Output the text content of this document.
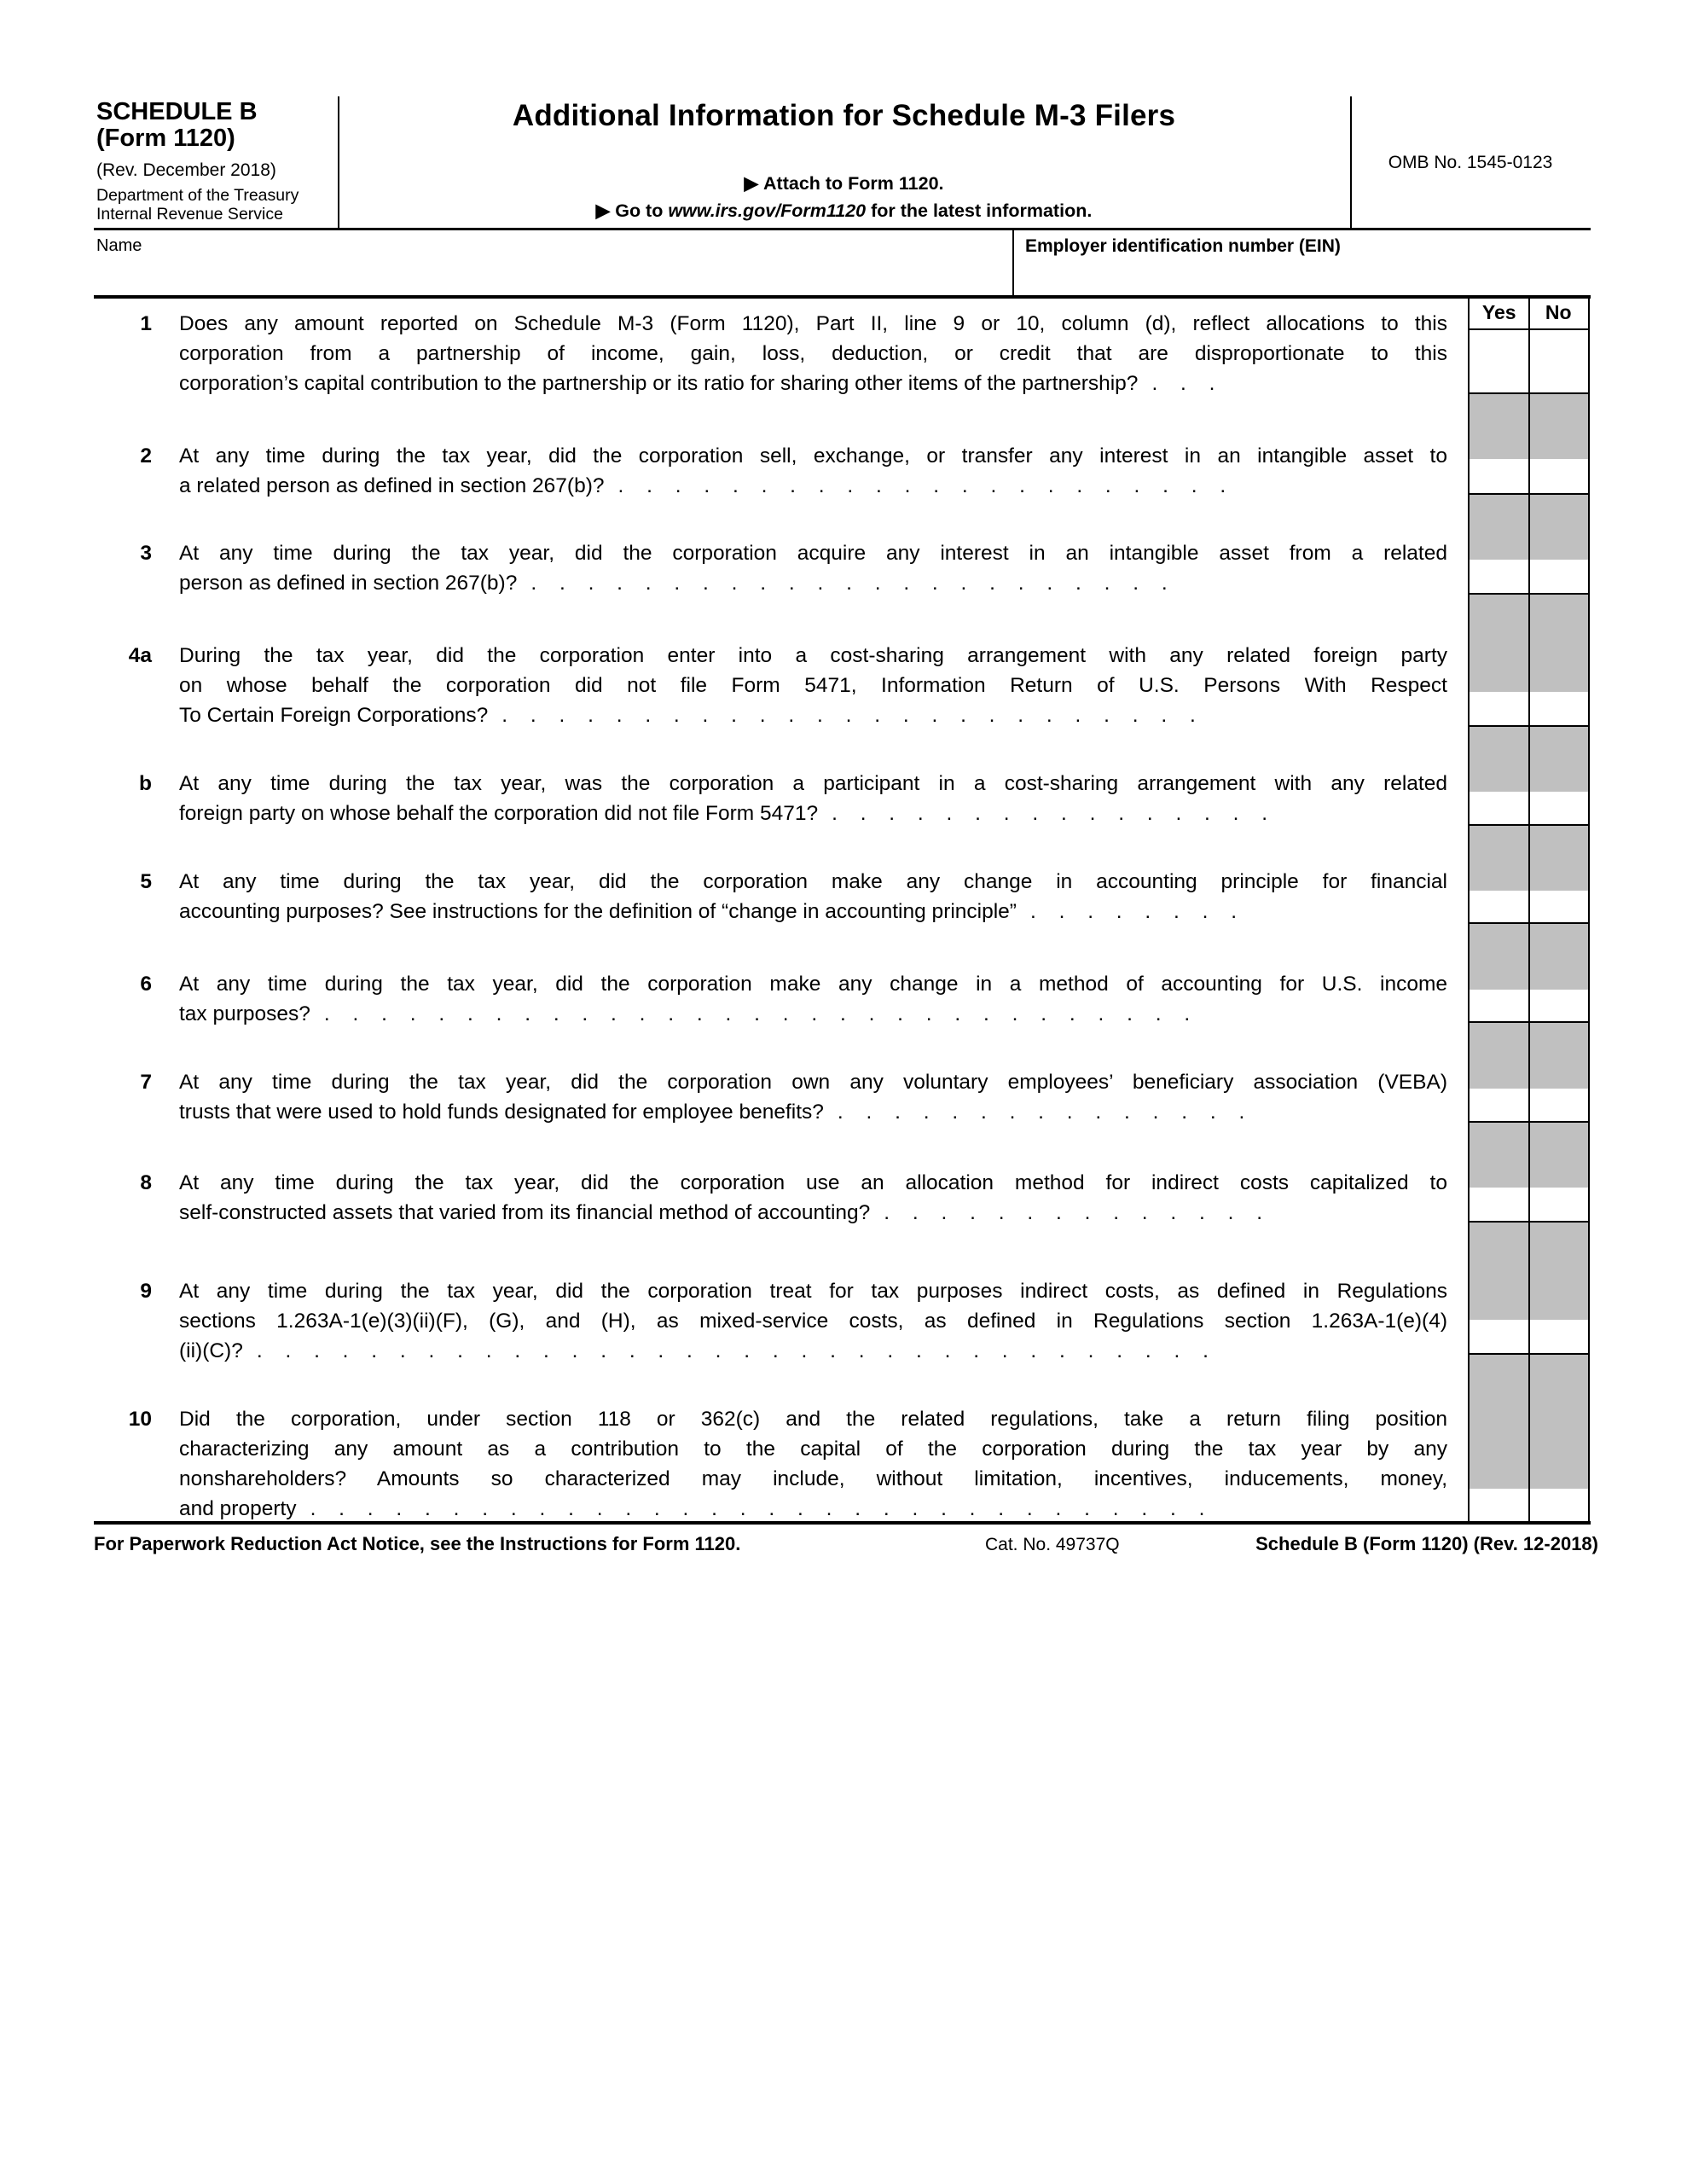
SCHEDULE B
(Form 1120)
(Rev. December 2018)
Department of the Treasury
Internal Revenue Service
Additional Information for Schedule M-3 Filers
▶ Attach to Form 1120.
▶ Go to www.irs.gov/Form1120 for the latest information.
OMB No. 1545-0123
Name	Employer identification number (EIN)
1 Does any amount reported on Schedule M-3 (Form 1120), Part II, line 9 or 10, column (d), reflect allocations to this
corporation from a partnership of income, gain, loss, deduction, or credit that are disproportionate to this
corporation’s capital contribution to the partnership or its ratio for sharing other items of the partnership? . . .
2 At any time during the tax year, did the corporation sell, exchange, or transfer any interest in an intangible asset to
a related person as defined in section 267(b)? . . . . . . . . . . . . . . . . . . . . . .
3 At any time during the tax year, did the corporation acquire any interest in an intangible asset from a related
person as defined in section 267(b)? . . . . . . . . . . . . . . . . . . . . . . .
4a During the tax year, did the corporation enter into a cost-sharing arrangement with any related foreign party
on whose behalf the corporation did not file Form 5471, Information Return of U.S. Persons With Respect
To Certain Foreign Corporations? . . . . . . . . . . . . . . . . . . . . . . . . .
b At any time during the tax year, was the corporation a participant in a cost-sharing arrangement with any related
foreign party on whose behalf the corporation did not file Form 5471? . . . . . . . . . . . . . . . .
5 At any time during the tax year, did the corporation make any change in accounting principle for financial
accounting purposes? See instructions for the definition of “change in accounting principle” . . . . . . . .
6 At any time during the tax year, did the corporation make any change in a method of accounting for U.S. income
tax purposes? . . . . . . . . . . . . . . . . . . . . . . . . . . . . . . .
7 At any time during the tax year, did the corporation own any voluntary employees’ beneficiary association (VEBA)
trusts that were used to hold funds designated for employee benefits? . . . . . . . . . . . . . . .
8 At any time during the tax year, did the corporation use an allocation method for indirect costs capitalized to
self-constructed assets that varied from its financial method of accounting? . . . . . . . . . . . . . .
9 At any time during the tax year, did the corporation treat for tax purposes indirect costs, as defined in Regulations
sections 1.263A-1(e)(3)(ii)(F), (G), and (H), as mixed-service costs, as defined in Regulations section 1.263A-1(e)(4)
(ii)(C)? . . . . . . . . . . . . . . . . . . . . . . . . . . . . . . . . . .
10 Did the corporation, under section 118 or 362(c) and the related regulations, take a return filing position
characterizing any amount as a contribution to the capital of the corporation during the tax year by any
nonshareholders? Amounts so characterized may include, without limitation, incentives, inducements, money,
and property . . . . . . . . . . . . . . . . . . . . . . . . . . . . . . . .
Yes	No
For Paperwork Reduction Act Notice, see the Instructions for Form 1120.	Cat. No. 49737Q	Schedule B (Form 1120) (Rev. 12-2018)
